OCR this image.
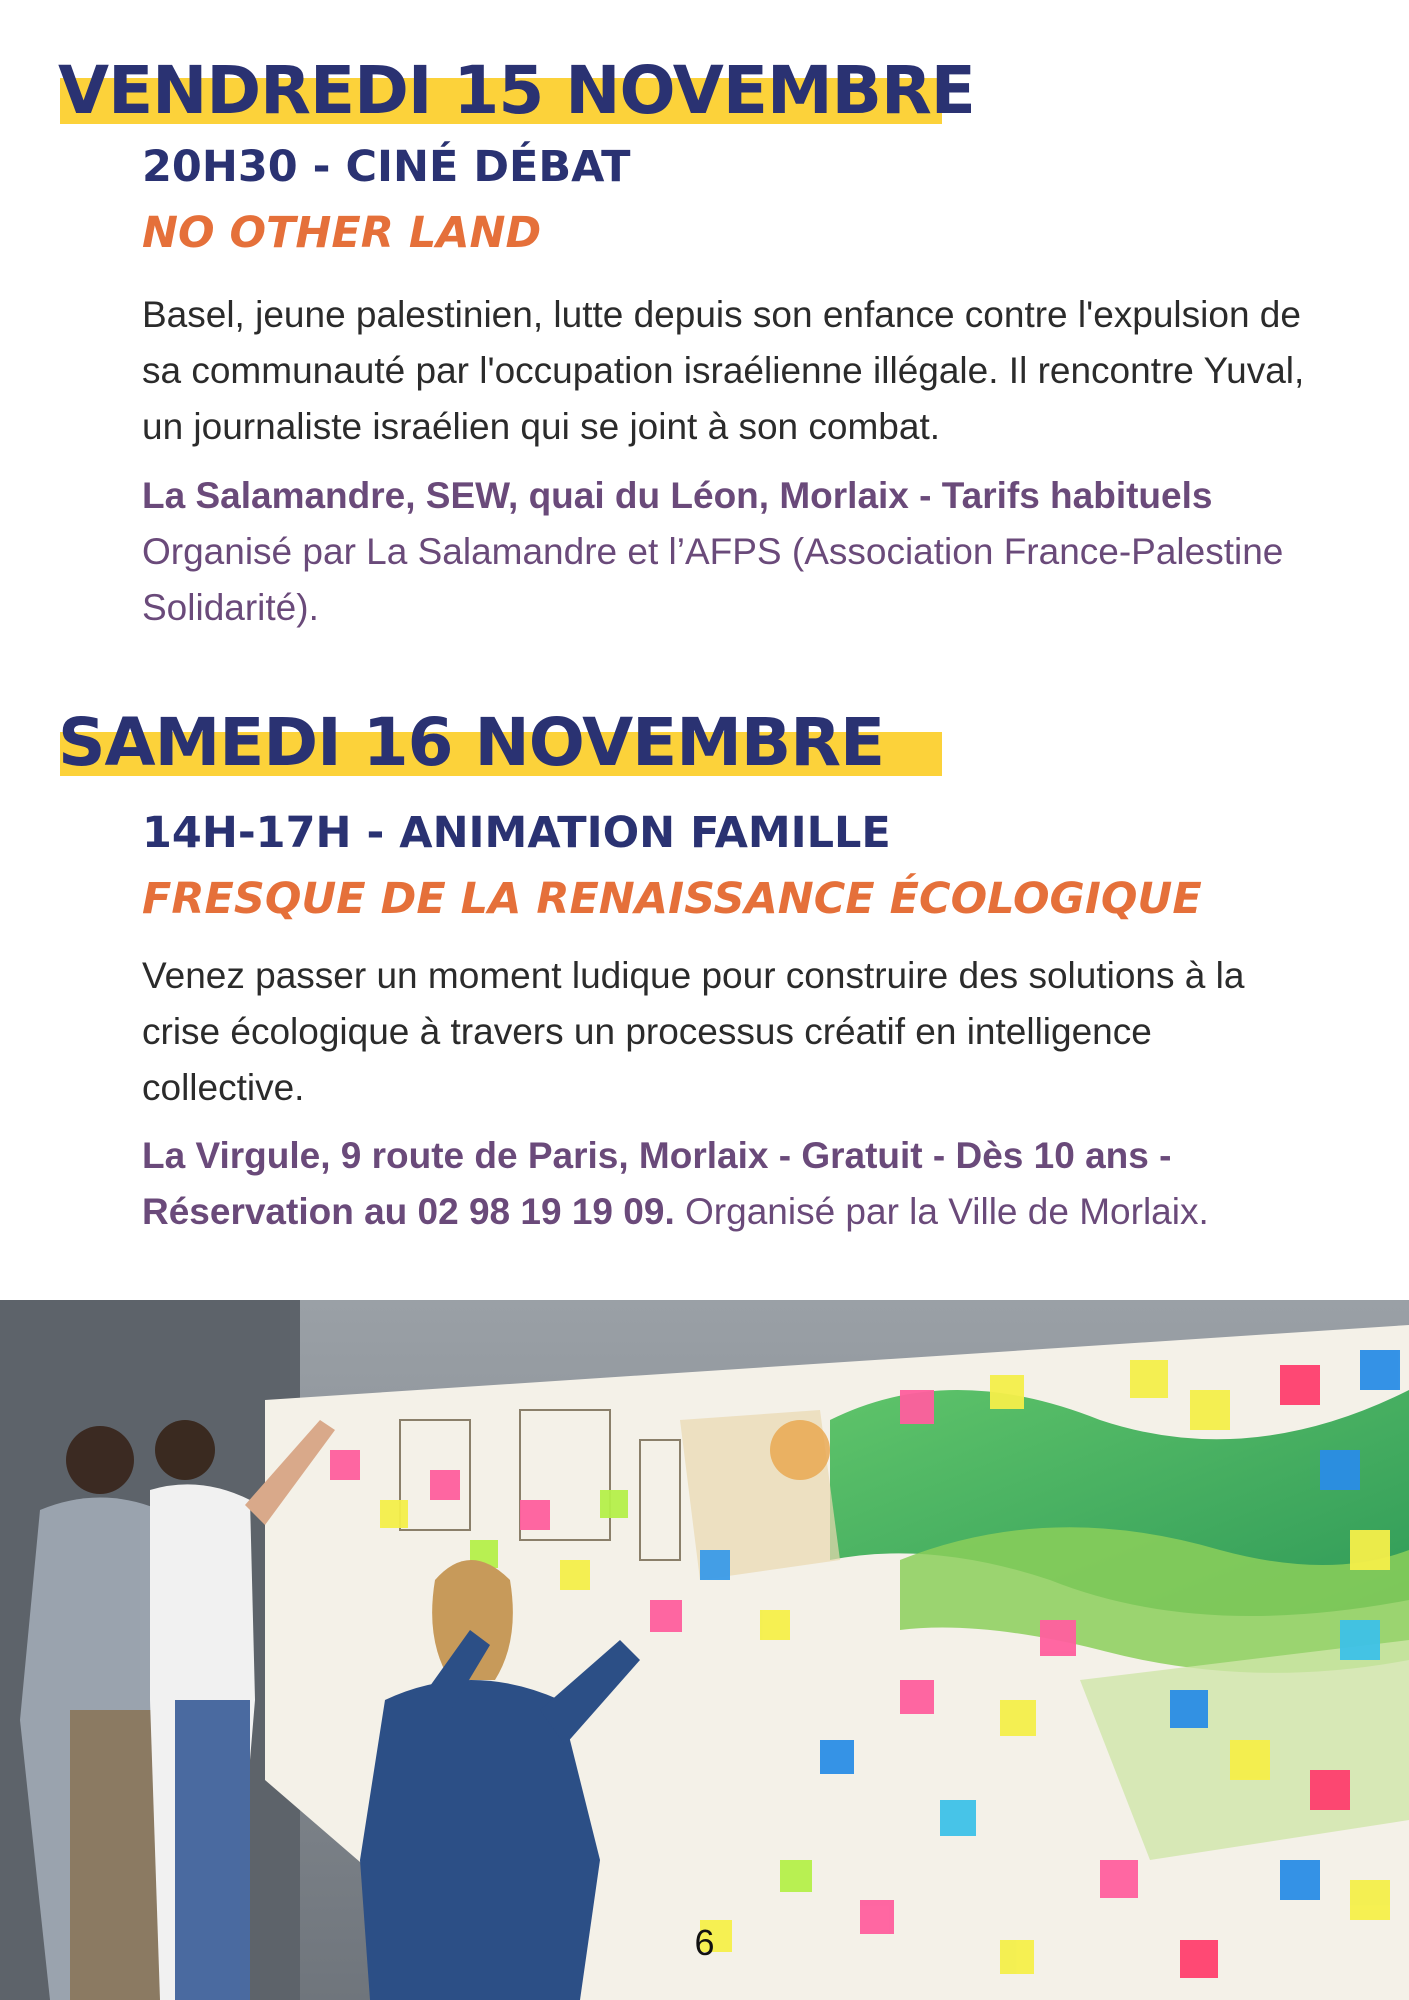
VENDREDI 15 NOVEMBRE
20H30 - CINÉ DÉBAT
NO OTHER LAND

Basel, jeune palestinien, lutte depuis son enfance contre l'expulsion de sa communauté par l'occupation israélienne illégale. Il rencontre Yuval, un journaliste israélien qui se joint à son combat.

La Salamandre, SEW, quai du Léon, Morlaix - Tarifs habituels
Organisé par La Salamandre et l’AFPS (Association France-Palestine Solidarité).

SAMEDI 16 NOVEMBRE
14H-17H - ANIMATION FAMILLE
FRESQUE DE LA RENAISSANCE ÉCOLOGIQUE

Venez passer un moment ludique pour construire des solutions à la crise écologique à travers un processus créatif en intelligence collective.

La Virgule, 9 route de Paris, Morlaix - Gratuit - Dès 10 ans - Réservation au 02 98 19 19 09. Organisé par la Ville de Morlaix.

6
